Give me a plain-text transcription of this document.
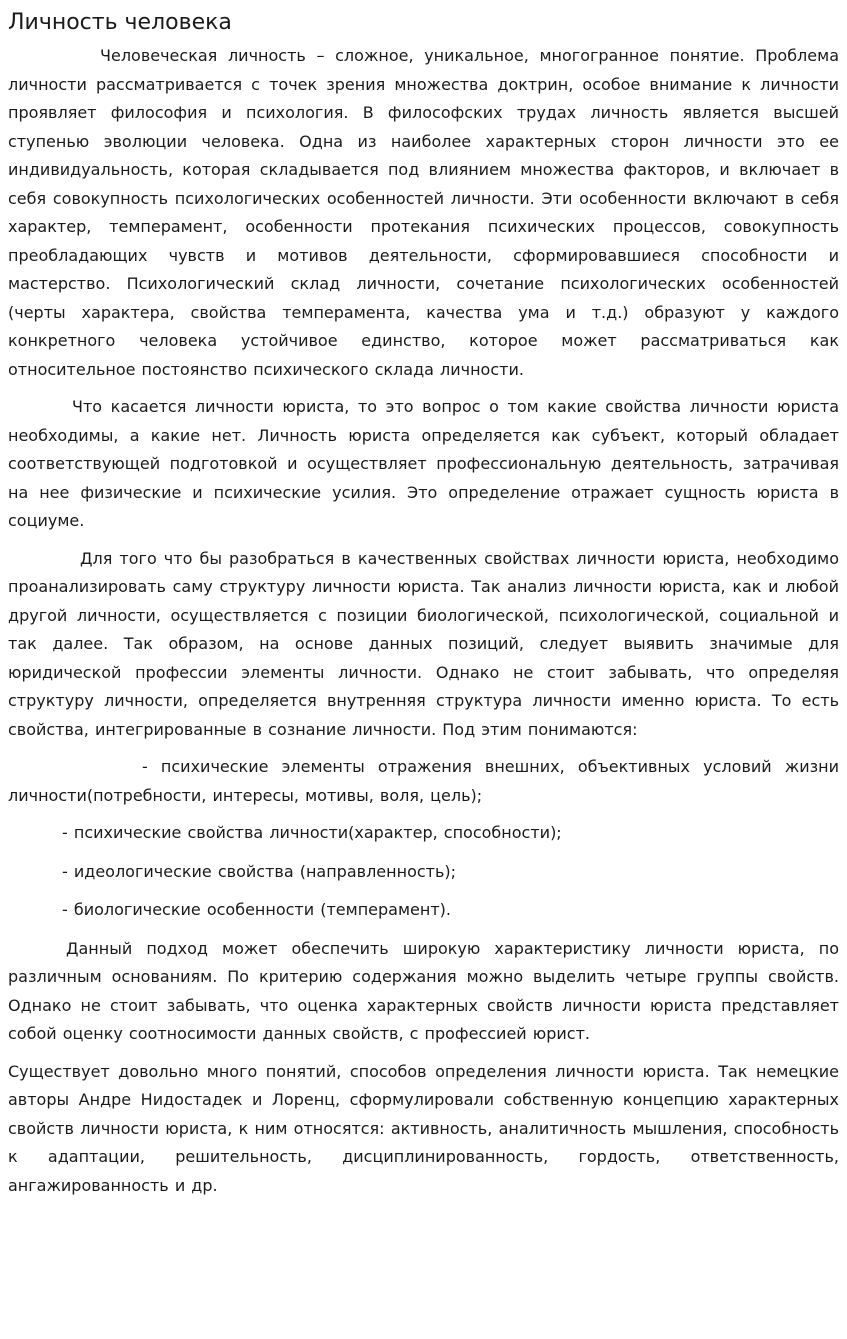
Личность человека

Человеческая личность – сложное, уникальное, многогранное понятие. Проблема личности рассматривается с точек зрения множества доктрин, особое внимание к личности проявляет философия и психология. В философских трудах личность является высшей ступенью эволюции человека. Одна из наиболее характерных сторон личности это ее индивидуальность, которая складывается под влиянием множества факторов, и включает в себя совокупность психологических особенностей личности. Эти особенности включают в себя характер, темперамент, особенности протекания психических процессов, совокупность преобладающих чувств и мотивов деятельности, сформировавшиеся способности и мастерство. Психологический склад личности, сочетание психологических особенностей (черты характера, свойства темперамента, качества ума и т.д.) образуют у каждого конкретного человека устойчивое единство, которое может рассматриваться как относительное постоянство психического склада личности.

Что касается личности юриста, то это вопрос о том какие свойства личности юриста необходимы, а какие нет. Личность юриста определяется как субъект, который обладает соответствующей подготовкой и осуществляет профессиональную деятельность, затрачивая на нее физические и психические усилия. Это определение отражает сущность юриста в социуме.

Для того что бы разобраться в качественных свойствах личности юриста, необходимо проанализировать саму структуру личности юриста. Так анализ личности юриста, как и любой другой личности, осуществляется с позиции биологической, психологической, социальной и так далее. Так образом, на основе данных позиций, следует выявить значимые для юридической профессии элементы личности. Однако не стоит забывать, что определяя структуру личности, определяется внутренняя структура личности именно юриста. То есть свойства, интегрированные в сознание личности. Под этим понимаются:

- психические элементы отражения внешних, объективных условий жизни личности(потребности, интересы, мотивы, воля, цель);

- психические свойства личности(характер, способности);

- идеологические свойства (направленность);

- биологические особенности (темперамент).

Данный подход может обеспечить широкую характеристику личности юриста, по различным основаниям. По критерию содержания можно выделить четыре группы свойств. Однако не стоит забывать, что оценка характерных свойств личности юриста представляет собой оценку соотносимости данных свойств, с профессией юрист.

Существует довольно много понятий, способов определения личности юриста. Так немецкие авторы Андре Нидостадек и Лоренц, сформулировали собственную концепцию характерных свойств личности юриста, к ним относятся: активность, аналитичность мышления, способность к адаптации, решительность, дисциплинированность, гордость, ответственность, ангажированность и др.
